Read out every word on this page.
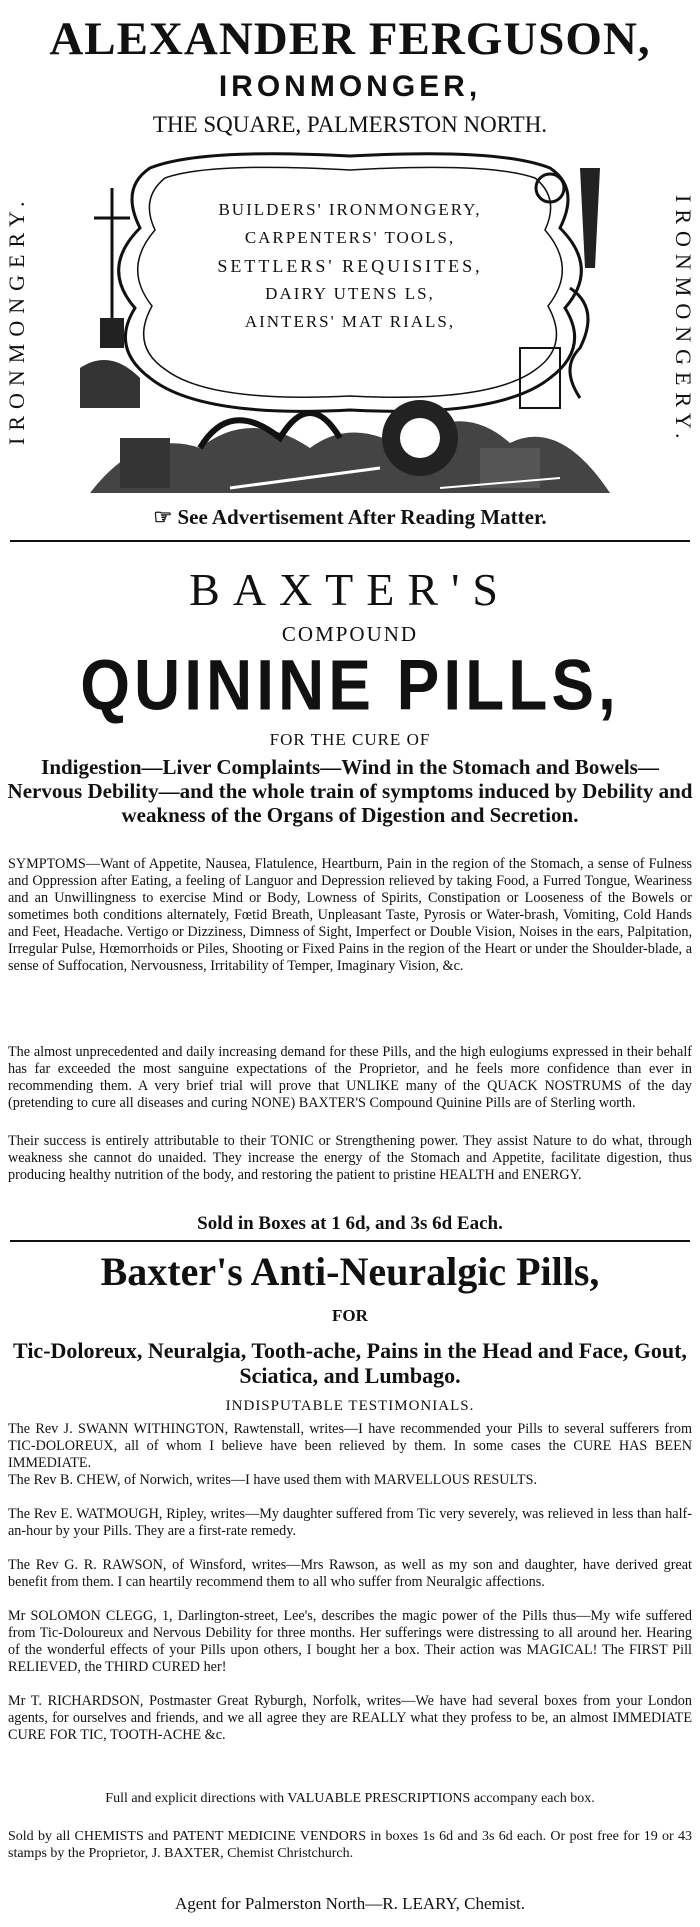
ALEXANDER FERGUSON,
IRONMONGER,
THE SQUARE, PALMERSTON NORTH.
IRONMONGERY.	IRONMONGERY.
BUILDERS' IRONMONGERY,
CARPENTERS' TOOLS,
SETTLERS' REQUISITES,
DAIRY UTENS LS,
AINTERS' MAT RIALS,
☞ See Advertisement After Reading Matter.
BAXTER'S
COMPOUND
QUININE PILLS,
FOR THE CURE OF
Indigestion—Liver Complaints—Wind in the Stomach and Bowels—Nervous Debility—and the whole train of symptoms induced by Debility and weakness of the Organs of Digestion and Secretion.
SYMPTOMS—Want of Appetite, Nausea, Flatulence, Heartburn, Pain in the region of the Stomach, a sense of Fulness and Oppression after Eating, a feeling of Languor and Depression relieved by taking Food, a Furred Tongue, Weariness and an Unwillingness to exercise Mind or Body, Lowness of Spirits, Constipation or Looseness of the Bowels or sometimes both conditions alternately, Fœtid Breath, Unpleasant Taste, Pyrosis or Water-brash, Vomiting, Cold Hands and Feet, Headache. Vertigo or Dizziness, Dimness of Sight, Imperfect or Double Vision, Noises in the ears, Palpitation, Irregular Pulse, Hœmorrhoids or Piles, Shooting or Fixed Pains in the region of the Heart or under the Shoulder-blade, a sense of Suffocation, Nervousness, Irritability of Temper, Imaginary Vision, &c.
The almost unprecedented and daily increasing demand for these Pills, and the high eulogiums expressed in their behalf has far exceeded the most sanguine expectations of the Proprietor, and he feels more confidence than ever in recommending them. A very brief trial will prove that UNLIKE many of the QUACK NOSTRUMS of the day (pretending to cure all diseases and curing NONE) BAXTER'S Compound Quinine Pills are of Sterling worth.
Their success is entirely attributable to their TONIC or Strengthening power. They assist Nature to do what, through weakness she cannot do unaided. They increase the energy of the Stomach and Appetite, facilitate digestion, thus producing healthy nutrition of the body, and restoring the patient to pristine HEALTH and ENERGY.
Sold in Boxes at 1 6d, and 3s 6d Each.
Baxter's Anti-Neuralgic Pills,
FOR
Tic-Doloreux, Neuralgia, Tooth-ache, Pains in the Head and Face, Gout, Sciatica, and Lumbago.
INDISPUTABLE TESTIMONIALS.
The Rev J. SWANN WITHINGTON, Rawtenstall, writes—I have recommended your Pills to several sufferers from TIC-DOLOREUX, all of whom I believe have been relieved by them. In some cases the CURE HAS BEEN IMMEDIATE.
The Rev B. CHEW, of Norwich, writes—I have used them with MARVELLOUS RESULTS.
The Rev E. WATMOUGH, Ripley, writes—My daughter suffered from Tic very severely, was relieved in less than half-an-hour by your Pills. They are a first-rate remedy.
The Rev G. R. RAWSON, of Winsford, writes—Mrs Rawson, as well as my son and daughter, have derived great benefit from them. I can heartily recommend them to all who suffer from Neuralgic affections.
Mr SOLOMON CLEGG, 1, Darlington-street, Lee's, describes the magic power of the Pills thus—My wife suffered from Tic-Doloureux and Nervous Debility for three months. Her sufferings were distressing to all around her. Hearing of the wonderful effects of your Pills upon others, I bought her a box. Their action was MAGICAL! The FIRST Pill RELIEVED, the THIRD CURED her!
Mr T. RICHARDSON, Postmaster Great Ryburgh, Norfolk, writes—We have had several boxes from your London agents, for ourselves and friends, and we all agree they are REALLY what they profess to be, an almost IMMEDIATE CURE FOR TIC, TOOTH-ACHE &c.
Full and explicit directions with VALUABLE PRESCRIPTIONS accompany each box.
Sold by all CHEMISTS and PATENT MEDICINE VENDORS in boxes 1s 6d and 3s 6d each. Or post free for 19 or 43 stamps by the Proprietor, J. BAXTER, Chemist Christchurch.
Agent for Palmerston North—R. LEARY, Chemist.
